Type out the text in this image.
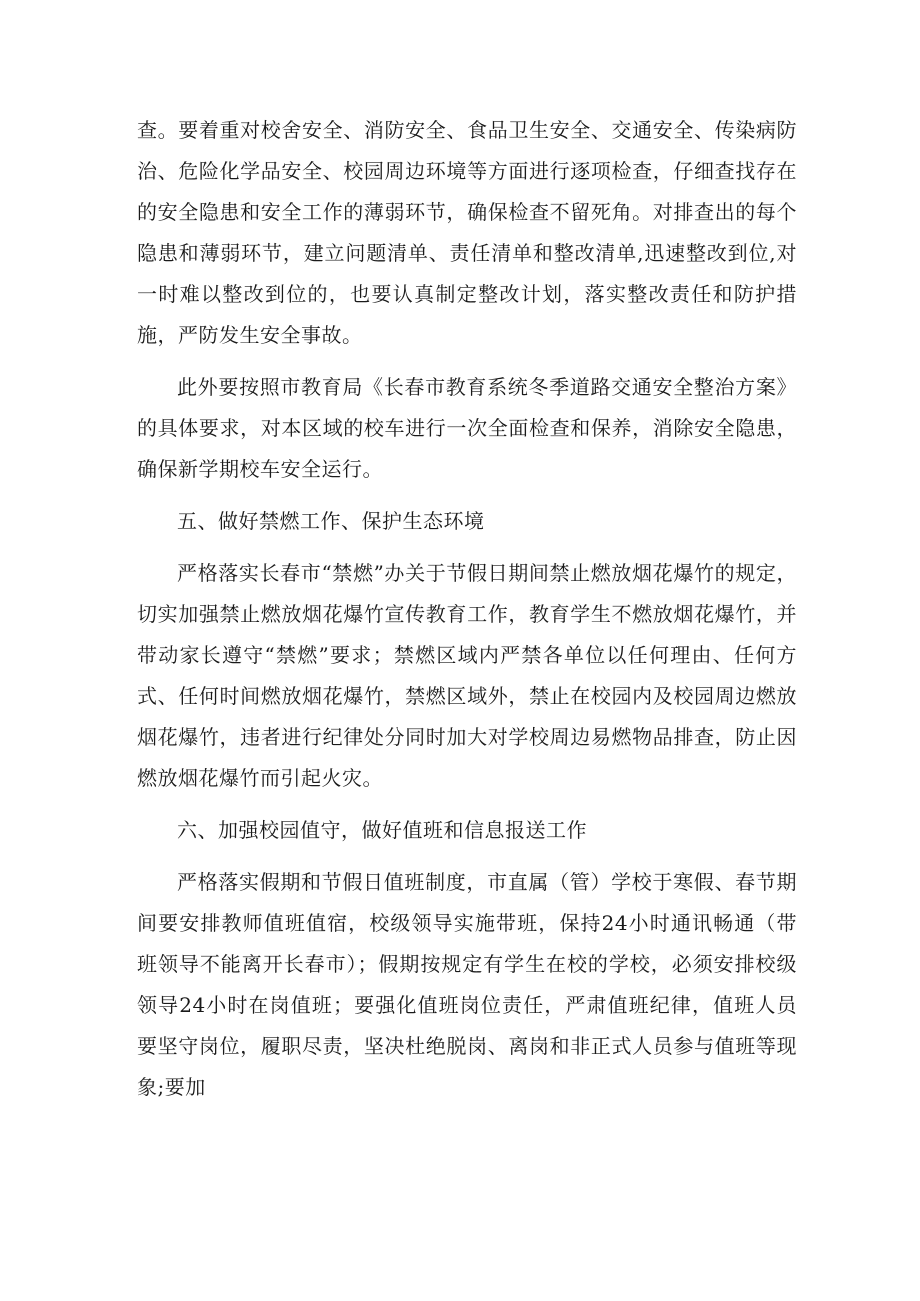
查。要着重对校舍安全、消防安全、食品卫生安全、交通安全、传染病防治、危险化学品安全、校园周边环境等方面进行逐项检查，仔细查找存在的安全隐患和安全工作的薄弱环节，确保检查不留死角。对排查出的每个隐患和薄弱环节，建立问题清单、责任清单和整改清单,迅速整改到位,对一时难以整改到位的，也要认真制定整改计划，落实整改责任和防护措施，严防发生安全事故。

此外要按照市教育局《长春市教育系统冬季道路交通安全整治方案》的具体要求，对本区域的校车进行一次全面检查和保养，消除安全隐患，确保新学期校车安全运行。

五、做好禁燃工作、保护生态环境

严格落实长春市“禁燃”办关于节假日期间禁止燃放烟花爆竹的规定，切实加强禁止燃放烟花爆竹宣传教育工作，教育学生不燃放烟花爆竹，并带动家长遵守“禁燃”要求；禁燃区域内严禁各单位以任何理由、任何方式、任何时间燃放烟花爆竹，禁燃区域外，禁止在校园内及校园周边燃放烟花爆竹，违者进行纪律处分同时加大对学校周边易燃物品排查，防止因燃放烟花爆竹而引起火灾。

六、加强校园值守，做好值班和信息报送工作

严格落实假期和节假日值班制度，市直属（管）学校于寒假、春节期间要安排教师值班值宿，校级领导实施带班，保持24小时通讯畅通（带班领导不能离开长春市）；假期按规定有学生在校的学校，必须安排校级领导24小时在岗值班；要强化值班岗位责任，严肃值班纪律，值班人员要坚守岗位，履职尽责，坚决杜绝脱岗、离岗和非正式人员参与值班等现象;要加
